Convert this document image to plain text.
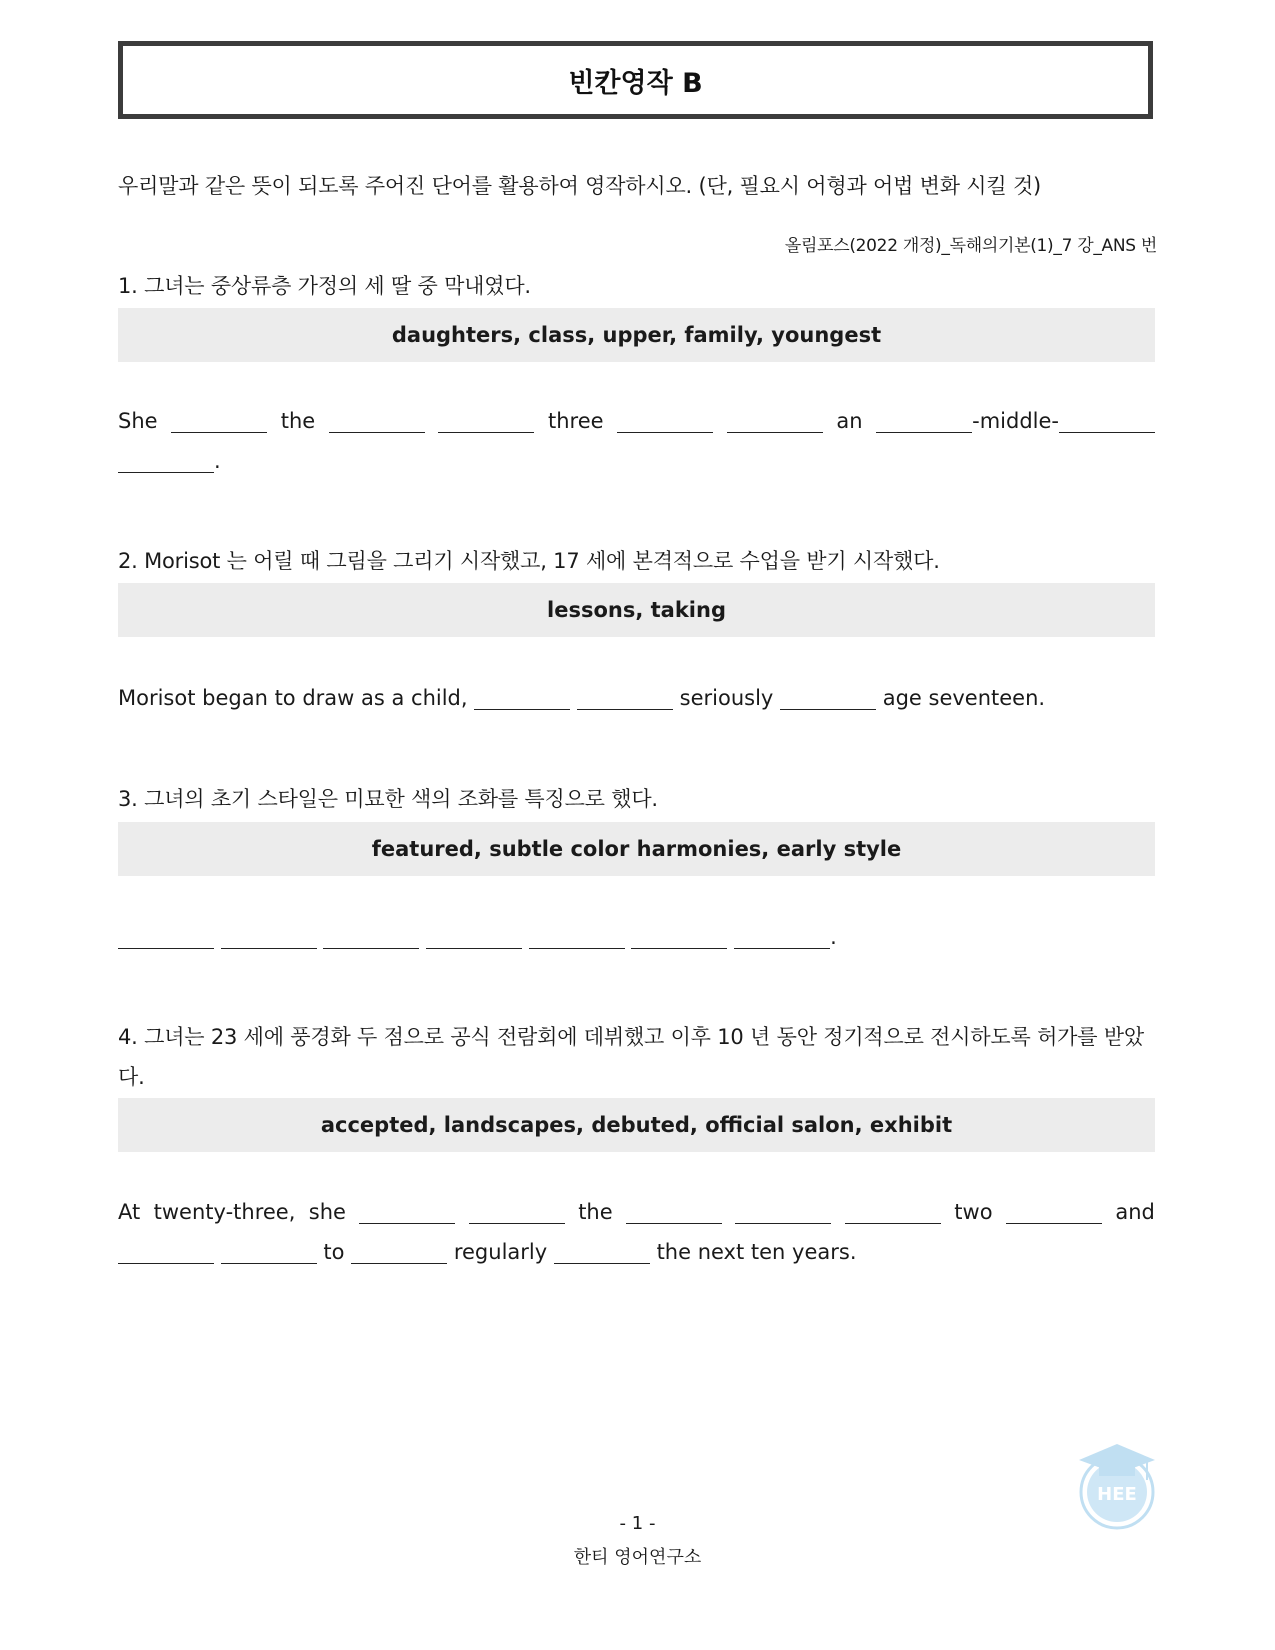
빈칸영작 B
우리말과 같은 뜻이 되도록 주어진 단어를 활용하여 영작하시오. (단, 필요시 어형과 어법 변화 시킬 것)
올림포스(2022 개정)_독해의기본(1)_7 강_ANS 번
1. 그녀는 중상류층 가정의 세 딸 중 막내였다.
daughters, class, upper, family, youngest
She	the	three	an	-middle- .
2. Morisot 는 어릴 때 그림을 그리기 시작했고, 17 세에 본격적으로 수업을 받기 시작했다.
lessons, taking
Morisot began to draw as a child,	seriously	age seventeen.
3. 그녀의 초기 스타일은 미묘한 색의 조화를 특징으로 했다.
featured, subtle color harmonies, early style
.
4. 그녀는 23 세에 풍경화 두 점으로 공식 전람회에 데뷔했고 이후 10 년 동안 정기적으로 전시하도록 허가를 받았다.
accepted, landscapes, debuted, official salon, exhibit
At twenty-three, she	the	two	and   to	regularly	the next ten years.
- 1 -
한티 영어연구소
HEE
